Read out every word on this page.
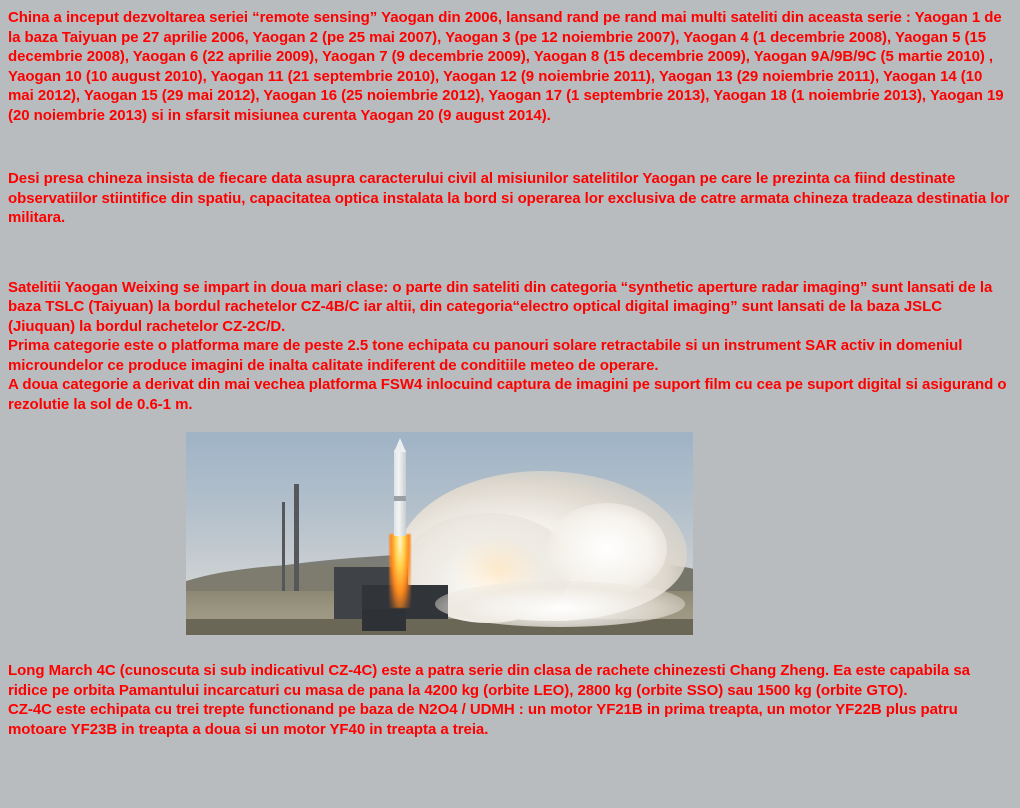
China a inceput dezvoltarea seriei “remote sensing” Yaogan din 2006, lansand rand pe rand mai multi sateliti din aceasta serie : Yaogan 1 de la baza Taiyuan pe 27 aprilie 2006, Yaogan 2 (pe 25 mai 2007), Yaogan 3 (pe 12 noiembrie 2007), Yaogan 4 (1 decembrie 2008), Yaogan 5 (15 decembrie 2008), Yaogan 6 (22 aprilie 2009), Yaogan 7 (9 decembrie 2009), Yaogan 8 (15 decembrie 2009), Yaogan 9A/9B/9C (5 martie 2010) , Yaogan 10 (10 august 2010), Yaogan 11 (21 septembrie 2010), Yaogan 12 (9 noiembrie 2011), Yaogan 13 (29 noiembrie 2011), Yaogan 14 (10 mai 2012), Yaogan 15 (29 mai 2012), Yaogan 16 (25 noiembrie 2012), Yaogan 17 (1 septembrie 2013), Yaogan 18 (1 noiembrie 2013), Yaogan 19 (20 noiembrie 2013) si in sfarsit misiunea curenta Yaogan 20 (9 august 2014).

Desi presa chineza insista de fiecare data asupra caracterului civil al misiunilor satelitilor Yaogan pe care le prezinta ca fiind destinate observatiilor stiintifice din spatiu, capacitatea optica instalata la bord si operarea lor exclusiva de catre armata chineza tradeaza destinatia lor militara.

Satelitii Yaogan Weixing se impart in doua mari clase: o parte din sateliti din categoria “synthetic aperture radar imaging” sunt lansati de la baza TSLC (Taiyuan) la bordul rachetelor CZ-4B/C iar altii, din categoria“electro optical digital imaging” sunt lansati de la baza JSLC (Jiuquan) la bordul rachetelor CZ-2C/D.

Prima categorie este o platforma mare de peste 2.5 tone echipata cu panouri solare retractabile si un instrument SAR activ in domeniul microundelor ce produce imagini de inalta calitate indiferent de conditiile meteo de operare.

A doua categorie a derivat din mai vechea platforma FSW4 inlocuind captura de imagini pe suport film cu cea pe suport digital si asigurand o rezolutie la sol de 0.6-1 m.

Long March 4C (cunoscuta si sub indicativul CZ-4C) este a patra serie din clasa de rachete chinezesti Chang Zheng. Ea este capabila sa ridice pe orbita Pamantului incarcaturi cu masa de pana la 4200 kg (orbite LEO), 2800 kg (orbite SSO) sau 1500 kg (orbite GTO).

CZ-4C este echipata cu trei trepte functionand pe baza de N2O4 / UDMH : un motor YF21B in prima treapta, un motor YF22B plus patru motoare YF23B in treapta a doua si un motor YF40 in treapta a treia.
